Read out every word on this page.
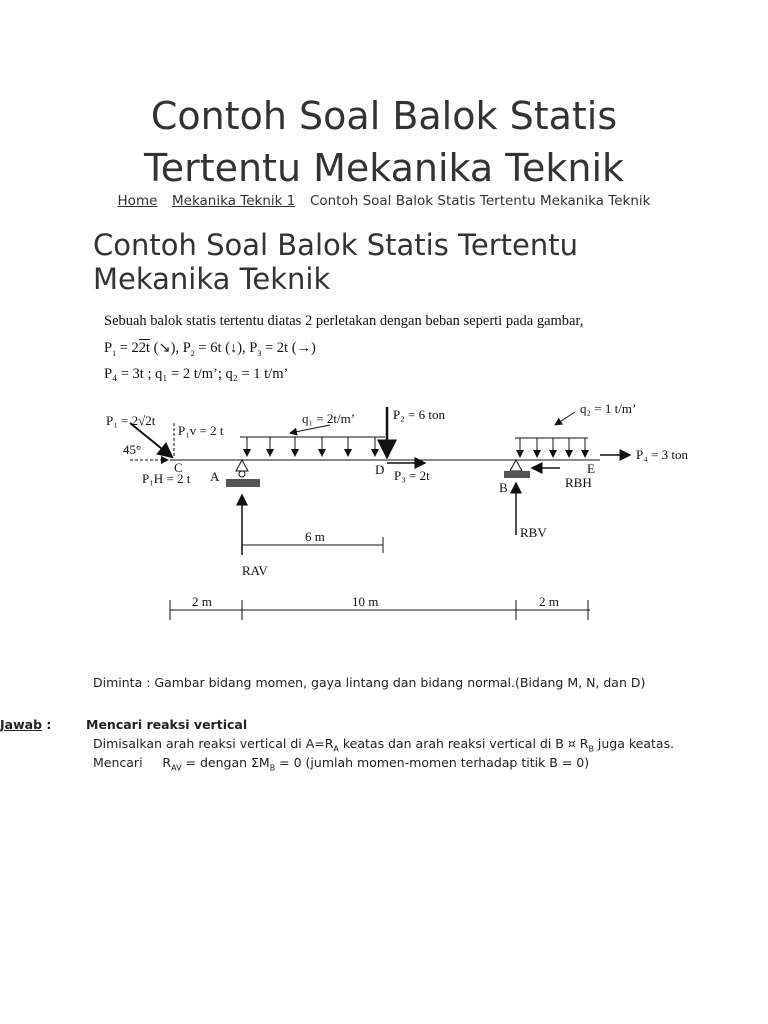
Contoh Soal Balok Statis
Tertentu Mekanika Teknik
Home Mekanika Teknik 1 Contoh Soal Balok Statis Tertentu Mekanika Teknik
Contoh Soal Balok Statis Tertentu
Mekanika Teknik
Sebuah balok statis tertentu diatas 2 perletakan dengan beban seperti pada gambar,
$P_1 = 22t$ (↘), $P_2 = 6t$ (↓), $P_3 = 2t$ (→)
P₄ = 3t ; q₁ = 2 t/m’; q₂ = 1 t/m’
q₁ = 2t/m’	P₂ = 6 ton
P₃ = 2t
D
P₁ = 2√2t
P₁v = 2 t
45°
C
P₁H = 2 t A
RAV
6 m
B
RBV
RBH
q₂ = 1 t/m’
P₄ = 3 ton
E
2 m	10 m	2 m
Diminta : Gambar bidang momen, gaya lintang dan bidang normal.(Bidang M, N, dan D)
Jawab :	Mencari reaksi vertical
Dimisalkan arah reaksi vertical di $A=R_A$ keatas dan arah reaksi vertical di B ¤ $R_B$ juga keatas.
Mencari $R_{AV}$ = dengan $\Sigma M_B = 0$ (jumlah momen-momen terhadap titik B = 0)
